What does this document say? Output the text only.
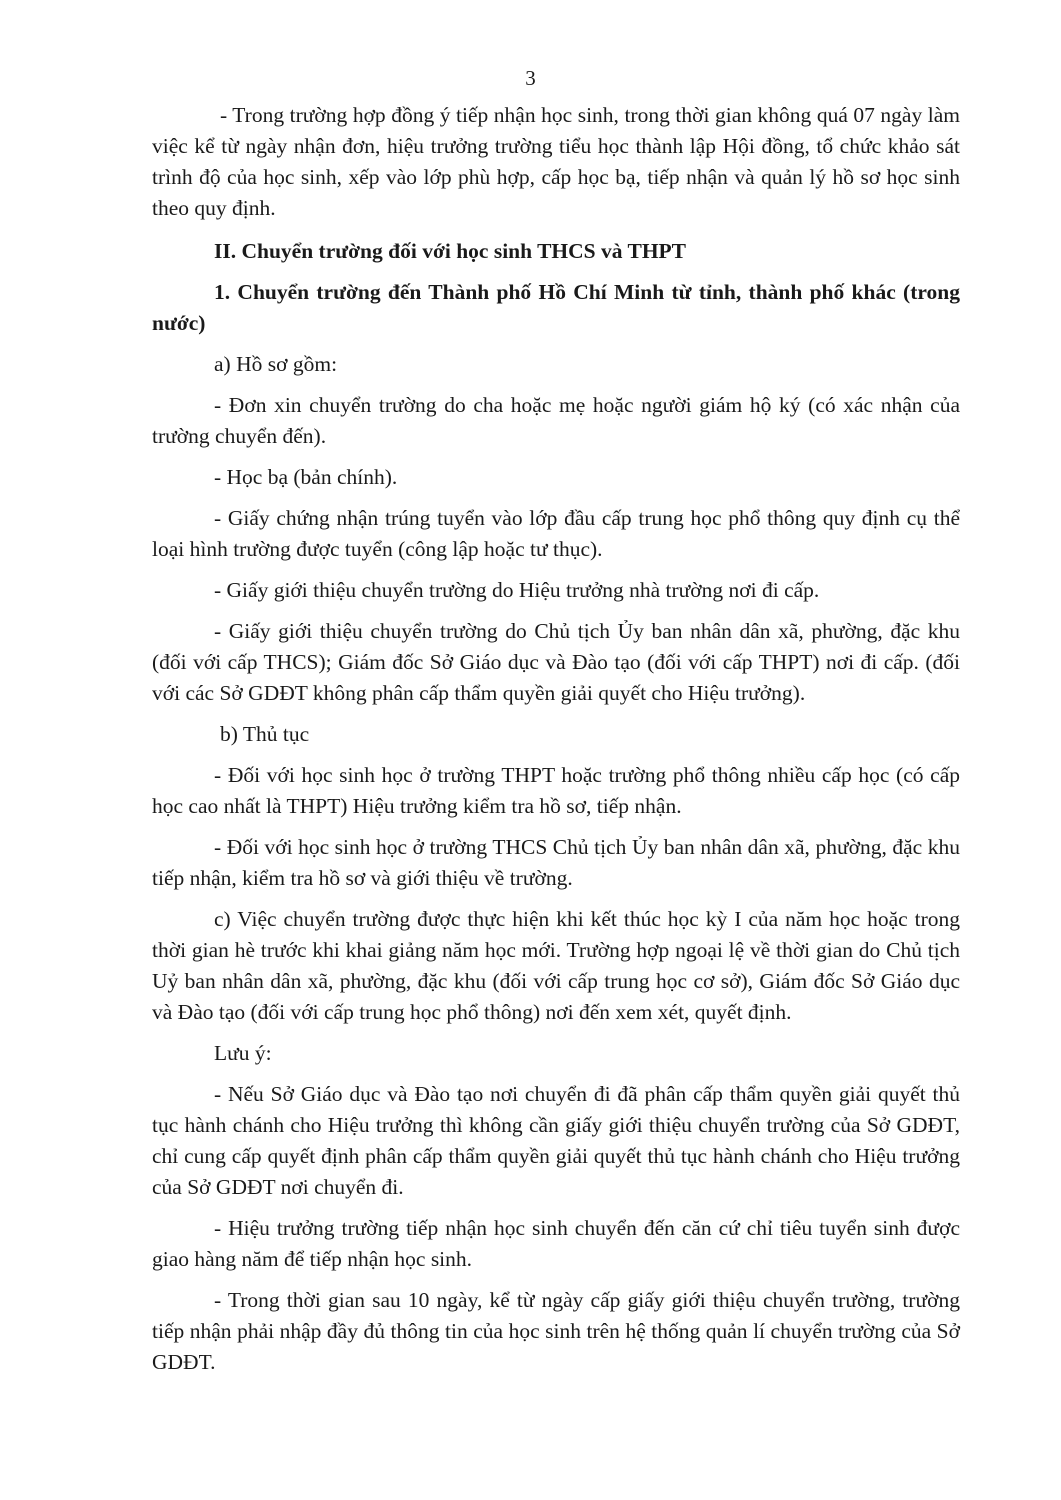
3

- Trong trường hợp đồng ý tiếp nhận học sinh, trong thời gian không quá 07 ngày làm việc kể từ ngày nhận đơn, hiệu trưởng trường tiểu học thành lập Hội đồng, tổ chức khảo sát trình độ của học sinh, xếp vào lớp phù hợp, cấp học bạ, tiếp nhận và quản lý hồ sơ học sinh theo quy định.

II. Chuyển trường đối với học sinh THCS và THPT

1. Chuyển trường đến Thành phố Hồ Chí Minh từ tỉnh, thành phố khác (trong nước)

a) Hồ sơ gồm:

- Đơn xin chuyển trường do cha hoặc mẹ hoặc người giám hộ ký (có xác nhận của trường chuyển đến).

- Học bạ (bản chính).

- Giấy chứng nhận trúng tuyển vào lớp đầu cấp trung học phổ thông quy định cụ thể loại hình trường được tuyển (công lập hoặc tư thục).

- Giấy giới thiệu chuyển trường do Hiệu trưởng nhà trường nơi đi cấp.

- Giấy giới thiệu chuyển trường do Chủ tịch Ủy ban nhân dân xã, phường, đặc khu (đối với cấp THCS); Giám đốc Sở Giáo dục và Đào tạo (đối với cấp THPT) nơi đi cấp. (đối với các Sở GDĐT không phân cấp thẩm quyền giải quyết cho Hiệu trưởng).

b) Thủ tục

- Đối với học sinh học ở trường THPT hoặc trường phổ thông nhiều cấp học (có cấp học cao nhất là THPT) Hiệu trưởng kiểm tra hồ sơ, tiếp nhận.

- Đối với học sinh học ở trường THCS Chủ tịch Ủy ban nhân dân xã, phường, đặc khu tiếp nhận, kiểm tra hồ sơ và giới thiệu về trường.

c) Việc chuyển trường được thực hiện khi kết thúc học kỳ I của năm học hoặc trong thời gian hè trước khi khai giảng năm học mới. Trường hợp ngoại lệ về thời gian do Chủ tịch Uỷ ban nhân dân xã, phường, đặc khu (đối với cấp trung học cơ sở), Giám đốc Sở Giáo dục và Đào tạo (đối với cấp trung học phổ thông) nơi đến xem xét, quyết định.

Lưu ý:

- Nếu Sở Giáo dục và Đào tạo nơi chuyển đi đã phân cấp thẩm quyền giải quyết thủ tục hành chánh cho Hiệu trưởng thì không cần giấy giới thiệu chuyển trường của Sở GDĐT, chỉ cung cấp quyết định phân cấp thẩm quyền giải quyết thủ tục hành chánh cho Hiệu trưởng của Sở GDĐT nơi chuyển đi.

- Hiệu trưởng trường tiếp nhận học sinh chuyển đến căn cứ chỉ tiêu tuyển sinh được giao hàng năm để tiếp nhận học sinh.

- Trong thời gian sau 10 ngày, kể từ ngày cấp giấy giới thiệu chuyển trường, trường tiếp nhận phải nhập đầy đủ thông tin của học sinh trên hệ thống quản lí chuyển trường của Sở GDĐT.
